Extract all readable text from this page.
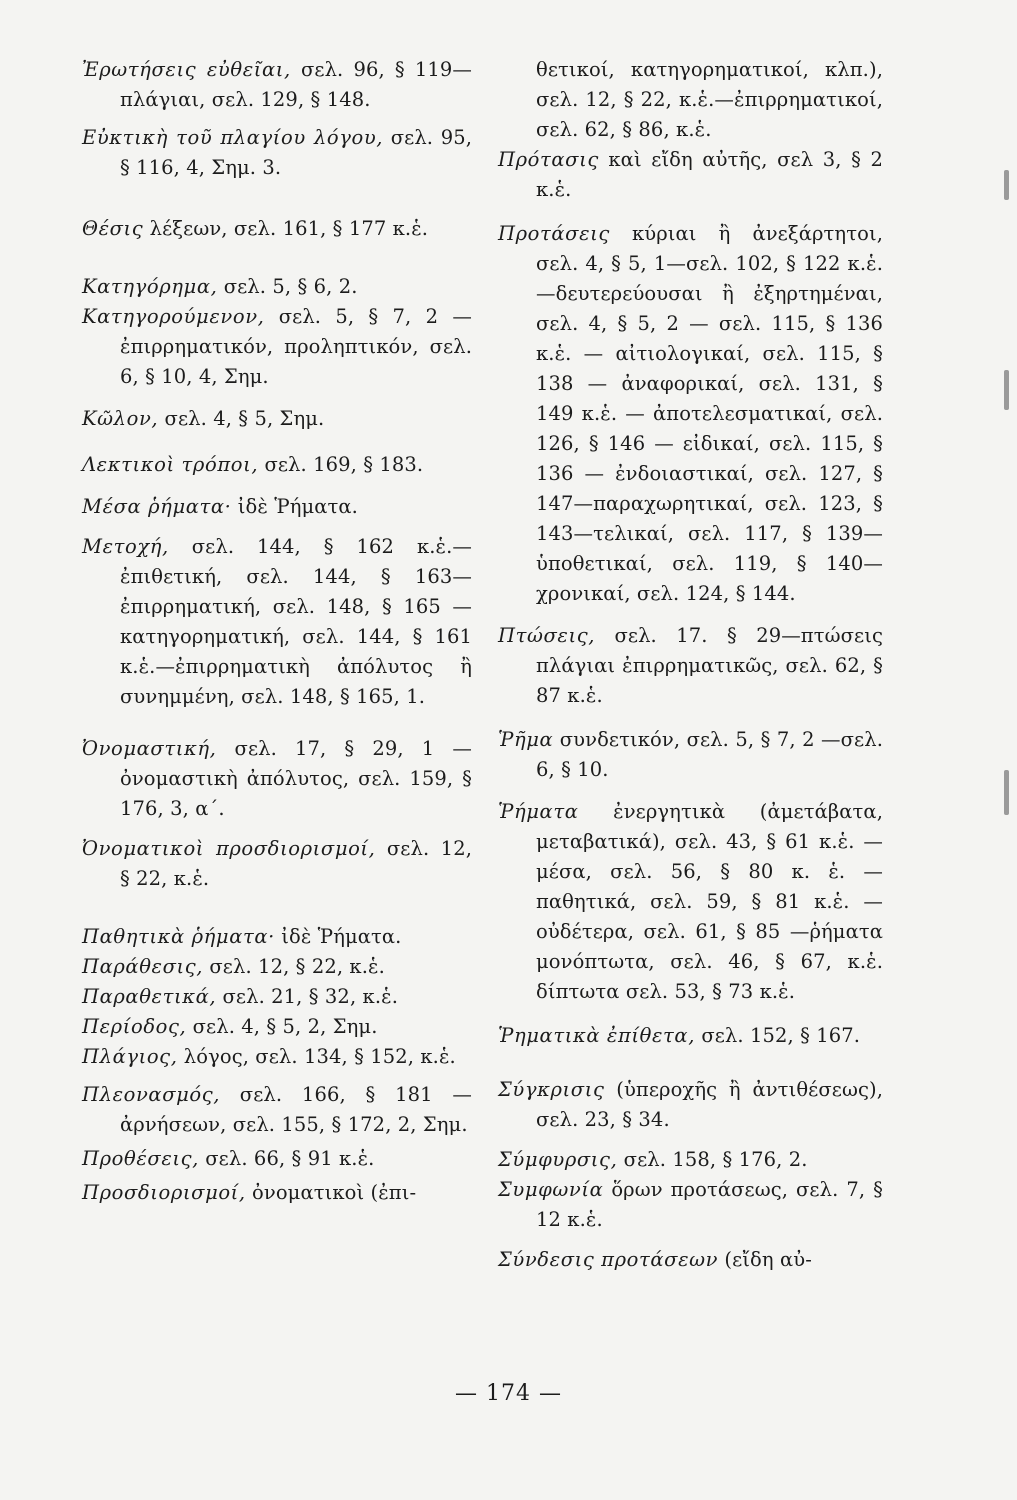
Ἐρωτήσεις εὐθεῖαι, σελ. 96, § 119—πλάγιαι, σελ. 129, § 148.
Εὐκτικὴ τοῦ πλαγίου λόγου, σελ. 95, § 116, 4, Σημ. 3.
Θέσις λέξεων, σελ. 161, § 177 κ.ἑ.
Κατηγόρημα, σελ. 5, § 6, 2.
Κατηγορούμενον, σελ. 5, § 7, 2 —ἐπιρρηματικόν, προληπτικόν, σελ. 6, § 10, 4, Σημ.
Κῶλον, σελ. 4, § 5, Σημ.
Λεκτικοὶ τρόποι, σελ. 169, § 183.
Μέσα ῥήματα· ἰδὲ Ῥήματα.
Μετοχή, σελ. 144, § 162 κ.ἑ.— ἐπιθετική, σελ. 144, § 163— ἐπιρρηματική, σελ. 148, § 165 —κατηγορηματική, σελ. 144, § 161 κ.ἑ.—ἐπιρρηματικὴ ἀπόλυτος ἢ συνημμένη, σελ. 148, § 165, 1.
Ὀνομαστική, σελ. 17, § 29, 1 — ὀνομαστικὴ ἀπόλυτος, σελ. 159, § 176, 3, α΄.
Ὀνοματικοὶ προσδιορισμοί, σελ. 12, § 22, κ.ἑ.
Παθητικὰ ῥήματα· ἰδὲ Ῥήματα.
Παράθεσις, σελ. 12, § 22, κ.ἑ.
Παραθετικά, σελ. 21, § 32, κ.ἑ.
Περίοδος, σελ. 4, § 5, 2, Σημ.
Πλάγιος, λόγος, σελ. 134, § 152, κ.ἑ.
Πλεονασμός, σελ. 166, § 181 — ἀρνήσεων, σελ. 155, § 172, 2, Σημ.
Προθέσεις, σελ. 66, § 91 κ.ἑ.
Προσδιορισμοί, ὀνοματικοὶ (ἐπι-
θετικοί, κατηγορηματικοί, κλπ.), σελ. 12, § 22, κ.ἑ.—ἐπιρρηματικοί, σελ. 62, § 86, κ.ἑ.
Πρότασις καὶ εἴδη αὐτῆς, σελ 3, § 2 κ.ἑ.
Προτάσεις κύριαι ἢ ἀνεξάρτητοι, σελ. 4, § 5, 1—σελ. 102, § 122 κ.ἑ.—δευτερεύουσαι ἢ ἐξηρτημέναι, σελ. 4, § 5, 2 — σελ. 115, § 136 κ.ἑ. — αἰτιολογικαί, σελ. 115, § 138 — ἀναφορικαί, σελ. 131, § 149 κ.ἑ. — ἀποτελεσματικαί, σελ. 126, § 146 — εἰδικαί, σελ. 115, § 136 — ἐνδοιαστικαί, σελ. 127, § 147—παραχωρητικαί, σελ. 123, § 143—τελικαί, σελ. 117, § 139—ὑποθετικαί, σελ. 119, § 140—χρονικαί, σελ. 124, § 144.
Πτώσεις, σελ. 17. § 29—πτώσεις πλάγιαι ἐπιρρηματικῶς, σελ. 62, § 87 κ.ἑ.
Ῥῆμα συνδετικόν, σελ. 5, § 7, 2 —σελ. 6, § 10.
Ῥήματα ἐνεργητικὰ (ἀμετάβατα, μεταβατικά), σελ. 43, § 61 κ.ἑ. — μέσα, σελ. 56, § 80 κ. ἑ. — παθητικά, σελ. 59, § 81 κ.ἑ. — οὐδέτερα, σελ. 61, § 85 —ῥήματα μονόπτωτα, σελ. 46, § 67, κ.ἑ. δίπτωτα σελ. 53, § 73 κ.ἑ.
Ῥηματικὰ ἐπίθετα, σελ. 152, § 167.
Σύγκρισις (ὑπεροχῆς ἢ ἀντιθέσεως), σελ. 23, § 34.
Σύμφυρσις, σελ. 158, § 176, 2.
Συμφωνία ὅρων προτάσεως, σελ. 7, § 12 κ.ἑ.
Σύνδεσις προτάσεων (εἴδη αὐ-
— 174 —
